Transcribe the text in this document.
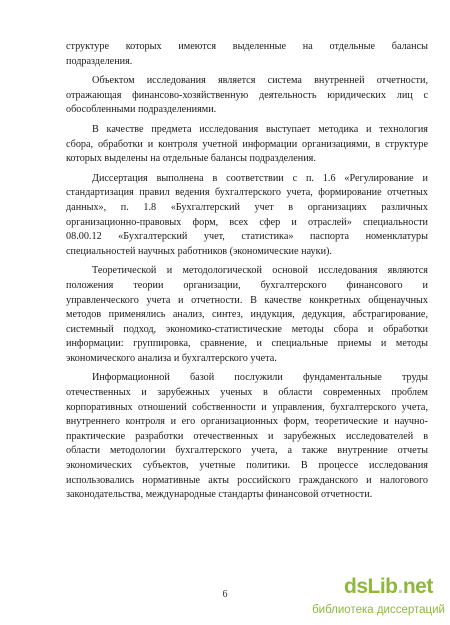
структуре которых имеются выделенные на отдельные балансы
подразделения.
Объектом исследования является система внутренней отчетности,
отражающая финансово-хозяйственную деятельность юридических лиц с
обособленными подразделениями.
В качестве предмета исследования выступает методика и технология
сбора, обработки и контроля учетной информации организациями, в структуре
которых выделены на отдельные балансы подразделения.
Диссертация выполнена в соответствии с п. 1.6 «Регулирование и
стандартизация правил ведения бухгалтерского учета, формирование отчетных
данных», п. 1.8 «Бухгалтерский учет в организациях различных
организационно-правовых форм, всех сфер и отраслей» специальности
08.00.12 «Бухгалтерский учет, статистика» паспорта номенклатуры
специальностей научных работников (экономические науки).
Теоретической и методологической основой исследования являются
положения теории организации, бухгалтерского финансового и
управленческого учета и отчетности. В качестве конкретных общенаучных
методов применялись анализ, синтез, индукция, дедукция, абстрагирование,
системный подход, экономико-статистические методы сбора и обработки
информации: группировка, сравнение, и специальные приемы и методы
экономического анализа и бухгалтерского учета.
Информационной базой послужили фундаментальные труды
отечественных и зарубежных ученых в области современных проблем
корпоративных отношений собственности и управления, бухгалтерского учета,
внутреннего контроля и его организационных форм, теоретические и научно-
практические разработки отечественных и зарубежных исследователей в
области методологии бухгалтерского учета, а также внутренние отчеты
экономических субъектов, учетные политики. В процессе исследования
использовались нормативные акты российского гражданского и налогового
законодательства, международные стандарты финансовой отчетности.
6	dsLib.net
библиотека диссертаций
